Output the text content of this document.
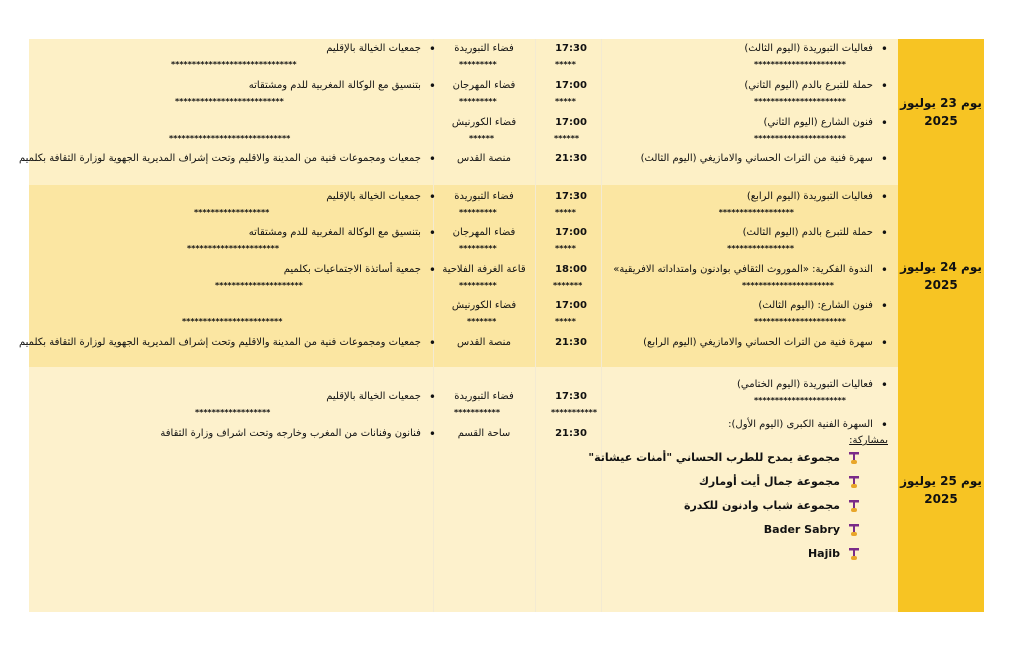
يوم 23 يوليوز 2025
•
فعاليات التبوريدة (اليوم الثالث)
**********************
17:30
*****
فضاء التبوريدة
*********
•
جمعيات الخيالة بالإقليم
******************************
•
حملة للتبرع بالدم (اليوم الثاني)
**********************
17:00
*****
فضاء المهرجان
*********
•
بتنسيق مع الوكالة المغربية للدم ومشتقاته
**************************
•
فنون الشارع (اليوم الثاني)
**********************
17:00
******
فضاء الكورنيش
******
*****************************
•
سهرة فنية من التراث الحساني والامازيغي (اليوم الثالث)
21:30
منصة القدس
•
جمعيات ومجموعات فنية من المدينة والاقليم وتحت إشراف المديرية الجهوية لوزارة الثقافة بكلميم
يوم 24 يوليوز 2025
•
فعاليات التبوريدة (اليوم الرابع)
******************
17:30
*****
فضاء التبوريدة
*********
•
جمعيات الخيالة بالإقليم
******************
•
حملة للتبرع بالدم (اليوم الثالث)
****************
17:00
*****
فضاء المهرجان
*********
•
بتنسيق مع الوكالة المغربية للدم ومشتقاته
**********************
•
الندوة الفكرية: «الموروث الثقافي بوادنون وامتداداته الافريقية»
**********************
18:00
*******
قاعة الغرفة الفلاحية
*********
•
جمعية أساتذة الاجتماعيات بكلميم
*********************
•
فنون الشارع: (اليوم الثالث)
**********************
17:00
*****
فضاء الكورنيش
*******
************************
•
سهرة فنية من التراث الحساني والامازيغي (اليوم الرابع)
21:30
منصة القدس
•
جمعيات ومجموعات فنية من المدينة والاقليم وتحت إشراف المديرية الجهوية لوزارة الثقافة بكلميم
يوم 25 يوليوز 2025
•
فعاليات التبوريدة (اليوم الختامي)
**********************
17:30
***********
فضاء التبوريدة
***********
•
جمعيات الخيالة بالإقليم
******************
•
السهرة الفنية الكبرى (اليوم الأول):
بمشاركة:
21:30
ساحة القسم
•
فنانون وفنانات من المغرب وخارجه وتحت اشراف وزارة الثقافة
مجموعة يمدح للطرب الحساني "أمنات عيشاتة"
مجموعة جمال أيت أومارك
مجموعة شباب وادنون للكدرة
Bader Sabry
Hajib
